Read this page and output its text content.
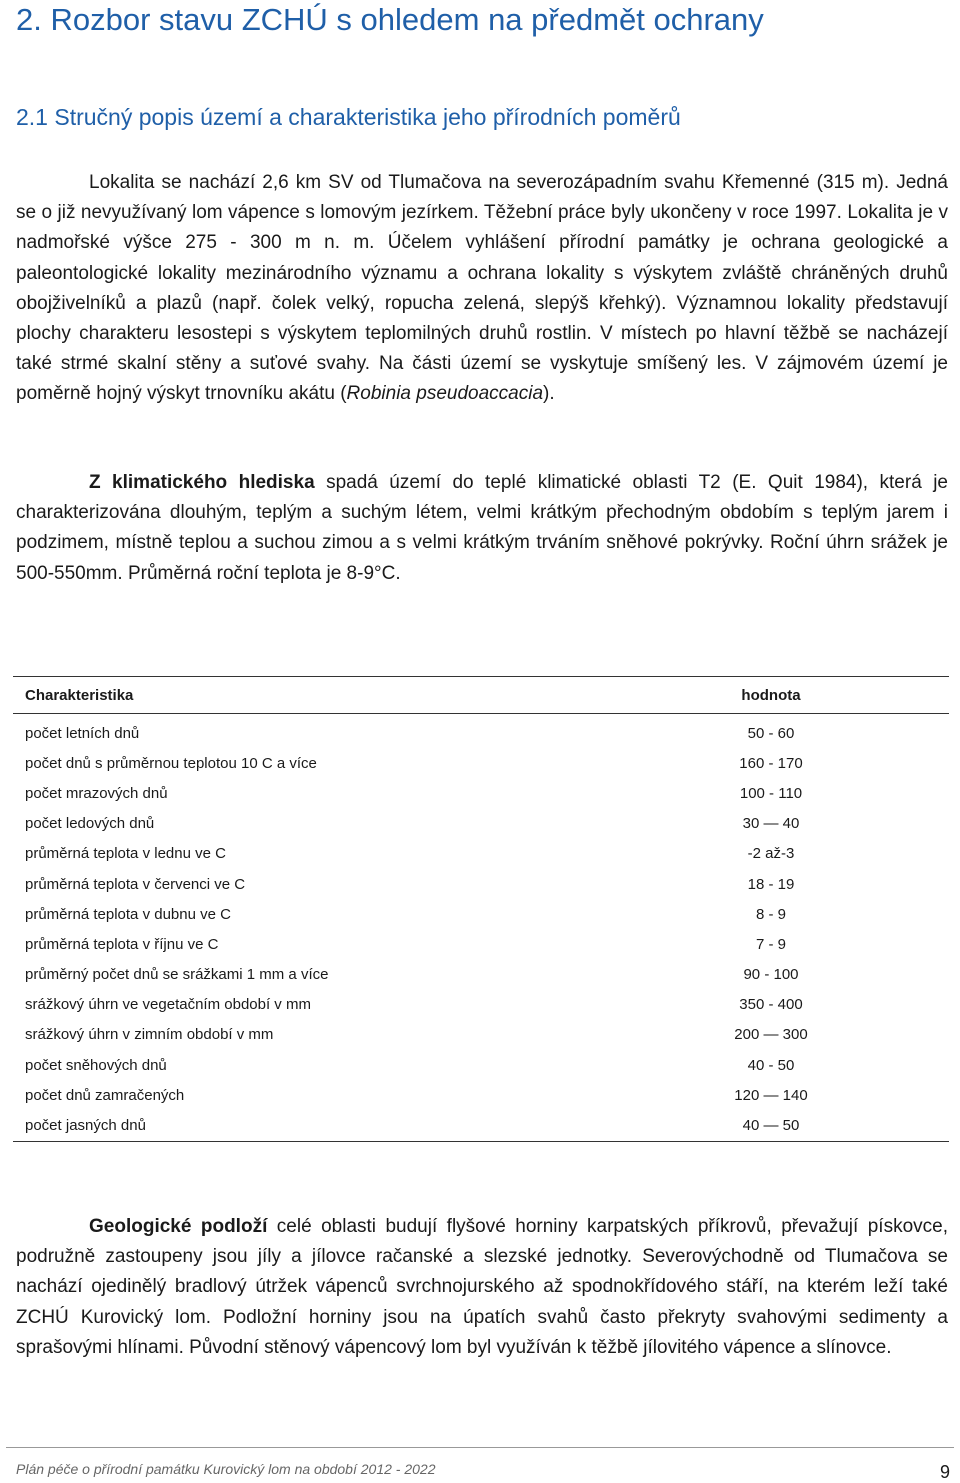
2. Rozbor stavu ZCHÚ s ohledem na předmět ochrany
2.1 Stručný popis území a charakteristika jeho přírodních poměrů

Lokalita se nachází 2,6 km SV od Tlumačova na severozápadním svahu Křemenné (315 m). Jedná se o již nevyužívaný lom vápence s lomovým jezírkem. Těžební práce byly ukončeny v roce 1997. Lokalita je v nadmořské výšce 275 - 300 m n. m. Účelem vyhlášení přírodní památky je ochrana geologické a paleontologické lokality mezinárodního významu a ochrana lokality s výskytem zvláště chráněných druhů obojživelníků a plazů (např. čolek velký, ropucha zelená, slepýš křehký). Významnou lokality představují plochy charakteru lesostepi s výskytem teplomilných druhů rostlin. V místech po hlavní těžbě se nacházejí také strmé skalní stěny a suťové svahy. Na části území se vyskytuje smíšený les. V zájmovém území je poměrně hojný výskyt trnovníku akátu (Robinia pseudoaccacia).

Z klimatického hlediska spadá území do teplé klimatické oblasti T2 (E. Quit 1984), která je charakterizována dlouhým, teplým a suchým létem, velmi krátkým přechodným obdobím s teplým jarem i podzimem, místně teplou a suchou zimou a s velmi krátkým trváním sněhové pokrývky. Roční úhrn srážek je 500-550mm. Průměrná roční teplota je 8-9°C.

Charakteristika	hodnota
počet letních dnů	50 - 60
počet dnů s průměrnou teplotou 10 C a více	160 - 170
počet mrazových dnů	100 - 110
počet ledových dnů	30 — 40
průměrná teplota v lednu ve C	-2 až-3
průměrná teplota v červenci ve C	18 - 19
průměrná teplota v dubnu ve C	8 - 9
průměrná teplota v říjnu ve C	7 - 9
průměrný počet dnů se srážkami 1 mm a více	90 - 100
srážkový úhrn ve vegetačním období v mm	350 - 400
srážkový úhrn v zimním období v mm	200 — 300
počet sněhových dnů	40 - 50
počet dnů zamračených	120 — 140
počet jasných dnů	40 — 50

Geologické podloží celé oblasti budují flyšové horniny karpatských příkrovů, převažují pískovce, podružně zastoupeny jsou jíly a jílovce račanské a slezské jednotky. Severovýchodně od Tlumačova se nachází ojedinělý bradlový útržek vápenců svrchnojurského až spodnokřídového stáří, na kterém leží také ZCHÚ Kurovický lom. Podložní horniny jsou na úpatích svahů často překryty svahovými sedimenty a sprašovými hlínami. Původní stěnový vápencový lom byl využíván k těžbě jílovitého vápence a slínovce.

Plán péče o přírodní památku Kurovický lom na období 2012 - 2022	9
